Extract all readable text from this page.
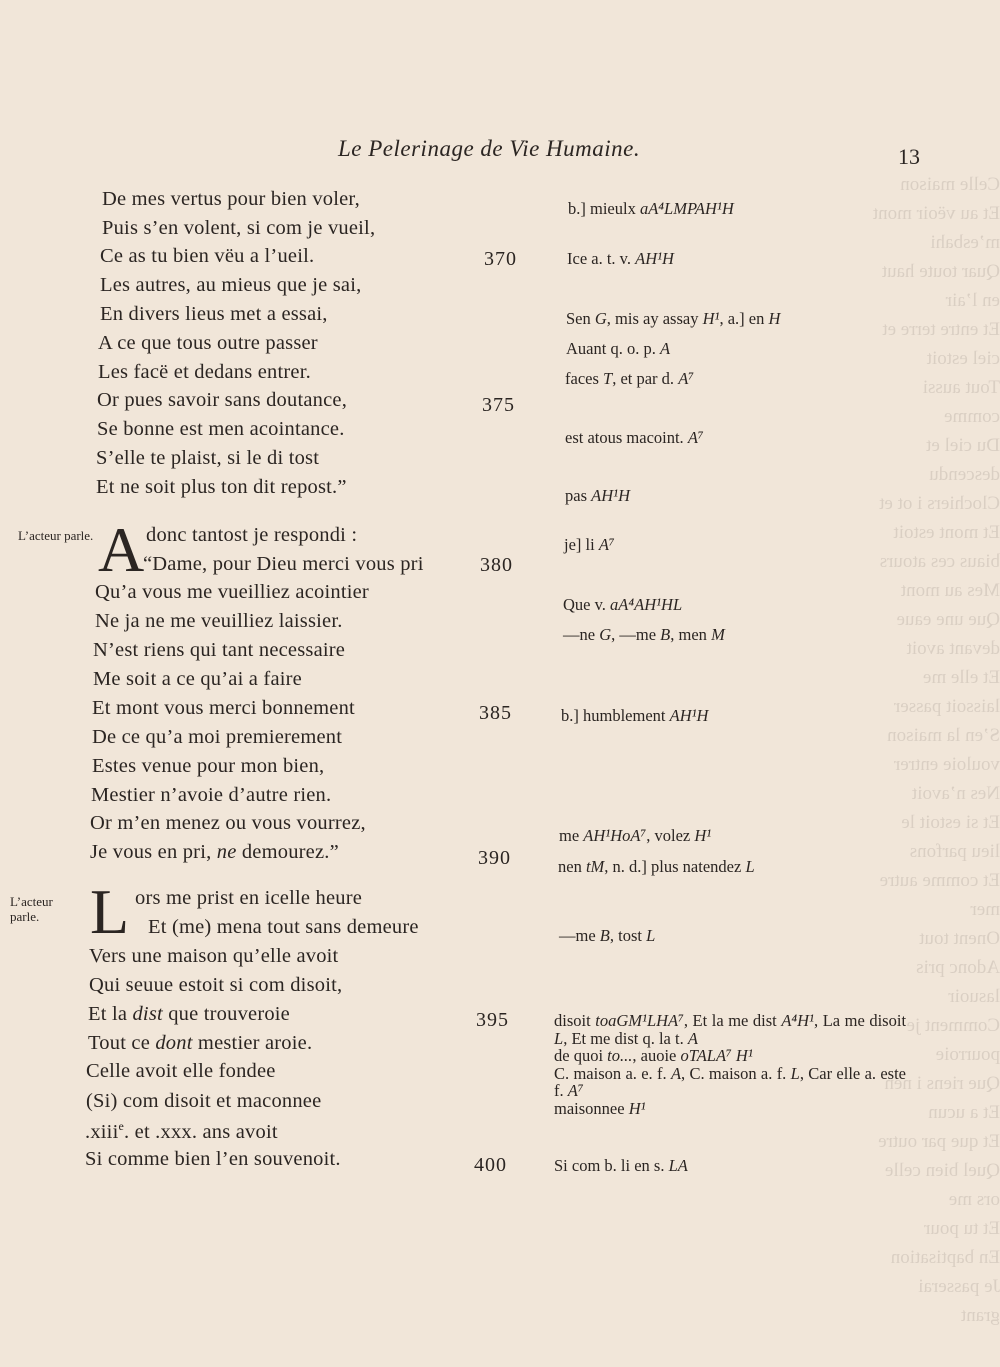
Celle maison
Et au vëoir mont m’esbahi
Quar toute haut en l’air
Et entre terre et ciel estoit
Tout aussi comme
Du ciel et descendu
Clochiers i ot et
Et mont estoit biaus ces atours
Mes au mont
Que une eaue devant avoit
Et elle me laissoit passer
S’en la maison vouloie entrer
Nes n’avoit
Et si estoit le lieu parfons
Et comme autre mer
Onent tout
Adonc pris lasuoir
Comment je pourroie
Que riens i nen
Et a ucun
Et que par outre
Quel bien celle
ors me
Et tu pour
En baptisation
Je passerai
grant
Le Pelerinage de Vie Humaine.	13
L’acteur parle.
L’acteur parle.
De mes vertus pour bien voler,
Puis s’en volent, si com je vueil,
Ce as tu bien vëu a l’ueil.
Les autres, au mieus que je sai,
En divers lieus met a essai,
A ce que tous outre passer
Les facë et dedans entrer.
Or pues savoir sans doutance,
Se bonne est men acointance.
S’elle te plaist, si le di tost
Et ne soit plus ton dit repost.”
A donc tantost je respondi :
“Dame, pour Dieu merci vous pri
Qu’a vous me vueilliez acointier
Ne ja ne me veuilliez laissier.
N’est riens qui tant necessaire
Me soit a ce qu’ai a faire
Et mont vous merci bonnement
De ce qu’a moi premierement
Estes venue pour mon bien,
Mestier n’avoie d’autre rien.
Or m’en menez ou vous vourrez,
Je vous en pri, ne demourez.”
L ors me prist en icelle heure
Et (me) mena tout sans demeure
Vers une maison qu’elle avoit
Qui seuue estoit si com disoit,
Et la dist que trouveroie
Tout ce dont mestier aroie.
Celle avoit elle fondee
(Si) com disoit et maconnee
.xiii$^e$. et .xxx. ans avoit
Si comme bien l’en souvenoit.
370
375
380
385
390
395
400
b.] mieulx aA⁴LMPAH¹H
Ice a. t. v. AH¹H
Sen G, mis ay assay H¹, a.] en H
Auant q. o. p. A
faces T, et par d. A⁷
est atous macoint. A⁷
pas AH¹H
je] li A⁷
Que v. aA⁴AH¹HL
—ne G, —me B, men M
b.] humblement AH¹H
me AH¹HoA⁷, volez H¹
nen tM, n. d.] plus natendez L
—me B, tost L
disoit toaGM¹LHA⁷, Et la me dist A⁴H¹, La me disoit L, Et me dist q. la t. A
de quoi to..., auoie oTALA⁷ H¹
C. maison a. e. f. A, C. maison a. f. L, Car elle a. este f. A⁷
maisonnee H¹
Si com b. li en s. LA
